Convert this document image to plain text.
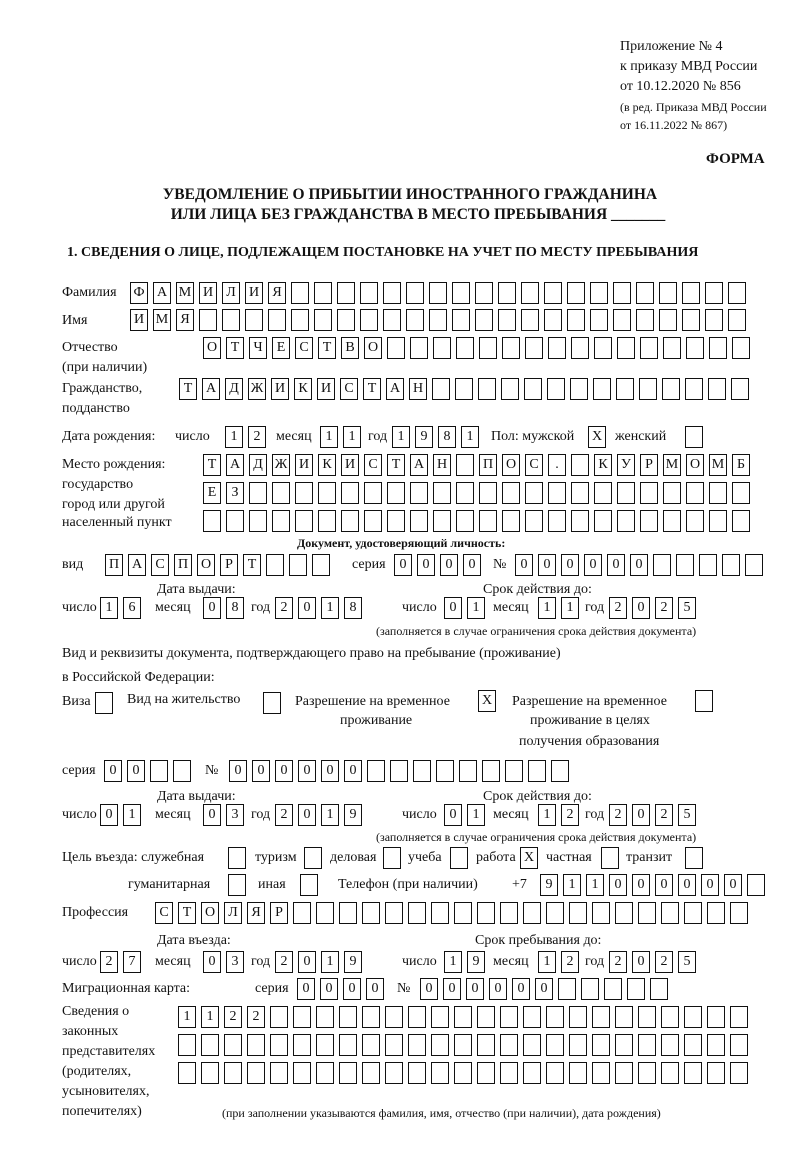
Приложение № 4
к приказу МВД России
от 10.12.2020 № 856
(в ред. Приказа МВД России
от 16.11.2022 № 867)
ФОРМА
УВЕДОМЛЕНИЕ О ПРИБЫТИИ ИНОСТРАННОГО ГРАЖДАНИНА
ИЛИ ЛИЦА БЕЗ ГРАЖДАНСТВА В МЕСТО ПРЕБЫВАНИЯ _______
1. СВЕДЕНИЯ О ЛИЦЕ, ПОДЛЕЖАЩЕМ ПОСТАНОВКЕ НА УЧЕТ ПО МЕСТУ ПРЕБЫВАНИЯ
Фамилия Ф А М И Л И Я
Имя	И М Я
Отчество
(при наличии)
О Т	Ч	Е	С	Т	В О
Гражданство,
подданство
Т А Д Ж И К И С	Т А Н
Дата рождения: число	1	2	месяц 1	1 год 1	9	8	1	Пол: мужской X женский
Место рождения:
государство
город или другой
населенный пункт
Т А Д Ж И К И С	Т А Н	П О С	.	К У	Р М О М Б
Е	З
Документ, удостоверяющий личность:
вид П А С П О	Р	Т	серия 0	0	0	0	№	0	0	0	0	0	0
Дата выдачи:	Срок действия до:
число 1	6	месяц	0	8 год 2	0	1	8	число 0	1 месяц	1	1 год 2	0	2	5
(заполняется в случае ограничения срока действия документа)
Вид и реквизиты документа, подтверждающего право на пребывание (проживание)
в Российской Федерации:
Виза	Вид на жительство	Разрешение на временное
проживание
X Разрешение на временное
проживание в целях
получения образования
серия 0	0	№	0	0	0	0	0	0
Дата выдачи:	Срок действия до:
число 0	1	месяц	0	3 год 2	0	1	9	число 0	1 месяц	1	2 год 2	0	2	5
(заполняется в случае ограничения срока действия документа)
Цель въезда: служебная	туризм деловая учеба работа X частная транзит
гуманитарная	иная	Телефон (при наличии) +7	9	1	1	0	0	0	0	0	0
Профессия	С	Т О Л Я	Р
Дата въезда:	Срок пребывания до:
число 2	7	месяц	0	3 год 2	0	1	9	число 1	9 месяц	1	2 год 2	0	2	5
Миграционная карта:	серия 0	0	0	0	№	0	0	0	0	0	0
Сведения о
законных
представителях
(родителях,
усыновителях,
попечителях)
1	1	2	2
(при заполнении указываются фамилия, имя, отчество (при наличии), дата рождения)
